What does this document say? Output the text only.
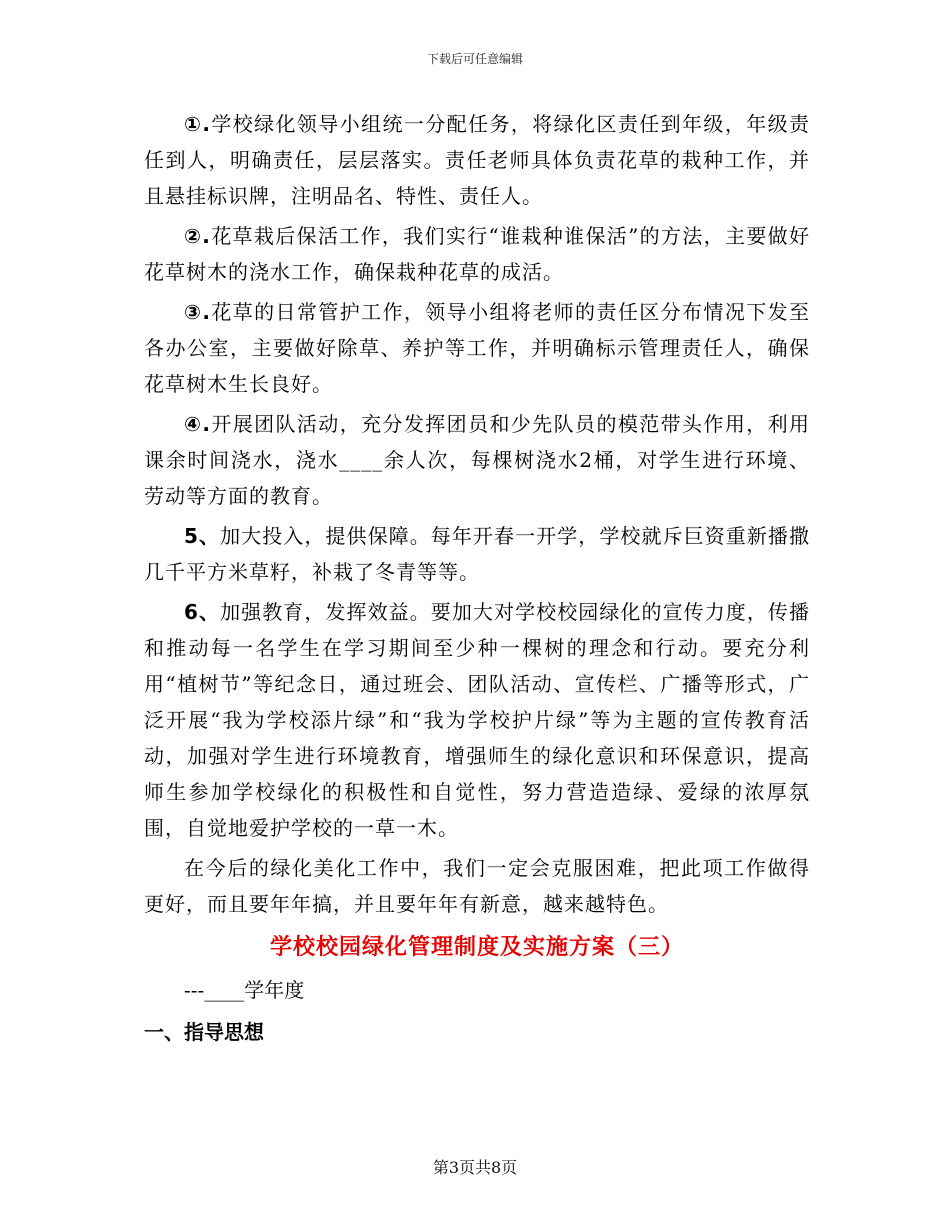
下载后可任意编辑

①.学校绿化领导小组统一分配任务，将绿化区责任到年级，年级责任到人，明确责任，层层落实。责任老师具体负责花草的栽种工作，并且悬挂标识牌，注明品名、特性、责任人。

②.花草栽后保活工作，我们实行“谁栽种谁保活”的方法，主要做好花草树木的浇水工作，确保栽种花草的成活。

③.花草的日常管护工作，领导小组将老师的责任区分布情况下发至各办公室，主要做好除草、养护等工作，并明确标示管理责任人，确保花草树木生长良好。

④.开展团队活动，充分发挥团员和少先队员的模范带头作用，利用课余时间浇水，浇水____余人次，每棵树浇水2桶，对学生进行环境、劳动等方面的教育。

5、加大投入，提供保障。每年开春一开学，学校就斥巨资重新播撒几千平方米草籽，补栽了冬青等等。

6、加强教育，发挥效益。要加大对学校校园绿化的宣传力度，传播和推动每一名学生在学习期间至少种一棵树的理念和行动。要充分利用“植树节”等纪念日，通过班会、团队活动、宣传栏、广播等形式，广泛开展“我为学校添片绿”和“我为学校护片绿”等为主题的宣传教育活动，加强对学生进行环境教育，增强师生的绿化意识和环保意识，提高师生参加学校绿化的积极性和自觉性，努力营造造绿、爱绿的浓厚氛围，自觉地爱护学校的一草一木。

在今后的绿化美化工作中，我们一定会克服困难，把此项工作做得更好，而且要年年搞，并且要年年有新意，越来越特色。

学校校园绿化管理制度及实施方案（三）
---____学年度
一、指导思想
第3页共8页
